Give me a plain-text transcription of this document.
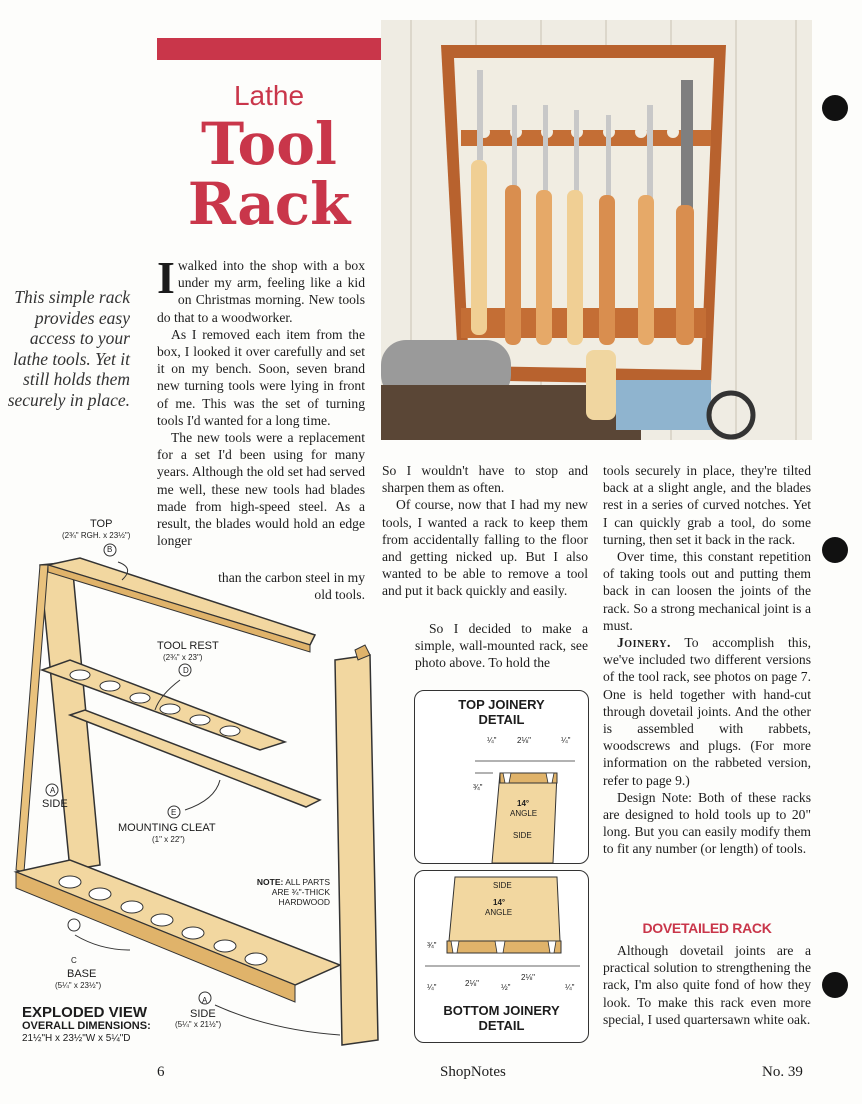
Lathe
Tool
Rack
This simple rack provides easy access to your lathe tools. Yet it still holds them securely in place.

Iwalked into the shop with a box under my arm, feeling like a kid on Christmas morning. New tools do that to a woodworker.

As I removed each item from the box, I looked it over carefully and set it on my bench. Soon, seven brand new turning tools were lying in front of me. This was the set of turning tools I'd wanted for a long time.

The new tools were a replacement for a set I'd been using for many years. Although the old set had served me well, these new tools had blades made from high-speed steel. As a result, the blades would hold an edge longer

than the carbon steel in my old tools.

So I wouldn't have to stop and sharpen them as often.

Of course, now that I had my new tools, I wanted a rack to keep them from accidentally falling to the floor and getting nicked up. But I also wanted to be able to remove a tool and put it back quickly and easily.

So I decided to make a simple, wall-mounted rack, see photo above. To hold the

tools securely in place, they're tilted back at a slight angle, and the blades rest in a series of curved notches. Yet I can quickly grab a tool, do some turning, then set it back in the rack.

Over time, this constant repetition of taking tools out and putting them back in can loosen the joints of the rack. So a strong mechanical joint is a must.

Joinery. To accomplish this, we've included two different versions of the tool rack, see photos on page 7. One is held together with hand-cut through dovetail joints. And the other is assembled with rabbets, woodscrews and plugs. (For more information on the rabbeted version, refer to page 9.)

Design Note: Both of these racks are designed to hold tools up to 20" long. But you can easily modify them to fit any number (or length) of tools.

DOVETAILED RACK

Although dovetail joints are a practical solution to strengthening the rack, I'm also quite fond of how they look. To make this rack even more special, I used quartersawn white oak.

TOP
(2¾" RGH. x 23½")
B
TOOL REST
(2¾" x 23")
D
A
SIDE
E
MOUNTING CLEAT
(1" x 22")
NOTE: ALL PARTS ARE ¾"-THICK HARDWOOD
C
BASE
(5¼" x 23½")
A
SIDE
(5¼" x 21½")
EXPLODED VIEW
OVERALL DIMENSIONS:
21½"H x 23½"W x 5¼"D
TOP JOINERY
DETAIL
¼"	2⅛"	¼"
¾"
14°
ANGLE
SIDE
SIDE
14°
ANGLE
¾"
¼"	2⅛"	½"
2⅛"
¼"
BOTTOM JOINERY
DETAIL
6	ShopNotes	No. 39
